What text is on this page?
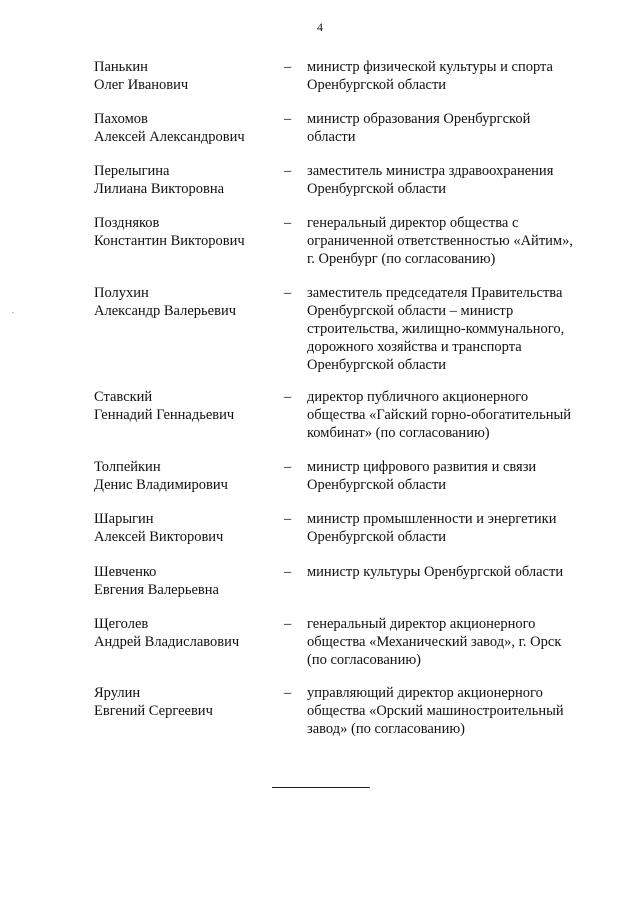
4
Панькин
Олег Иванович
– министр физической культуры и спорта
Оренбургской области
Пахомов
Алексей Александрович
– министр образования Оренбургской
области
Перелыгина
Лилиана Викторовна
– заместитель министра здравоохранения
Оренбургской области
Поздняков
Константин Викторович
– генеральный директор общества с
ограниченной ответственностью «Айтим»,
г. Оренбург (по согласованию)
Полухин
Александр Валерьевич
– заместитель председателя Правительства
Оренбургской области – министр
строительства, жилищно-коммунального,
дорожного хозяйства и транспорта
Оренбургской области
Ставский
Геннадий Геннадьевич
– директор публичного акционерного
общества «Гайский горно-обогатительный
комбинат» (по согласованию)
Толпейкин
Денис Владимирович
– министр цифрового развития и связи
Оренбургской области
Шарыгин
Алексей Викторович
– министр промышленности и энергетики
Оренбургской области
Шевченко
Евгения Валерьевна
– министр культуры Оренбургской области
Щеголев
Андрей Владиславович
– генеральный директор акционерного
общества «Механический завод», г. Орск
(по согласованию)
Ярулин
Евгений Сергеевич
– управляющий директор акционерного
общества «Орский машиностроительный
завод» (по согласованию)
